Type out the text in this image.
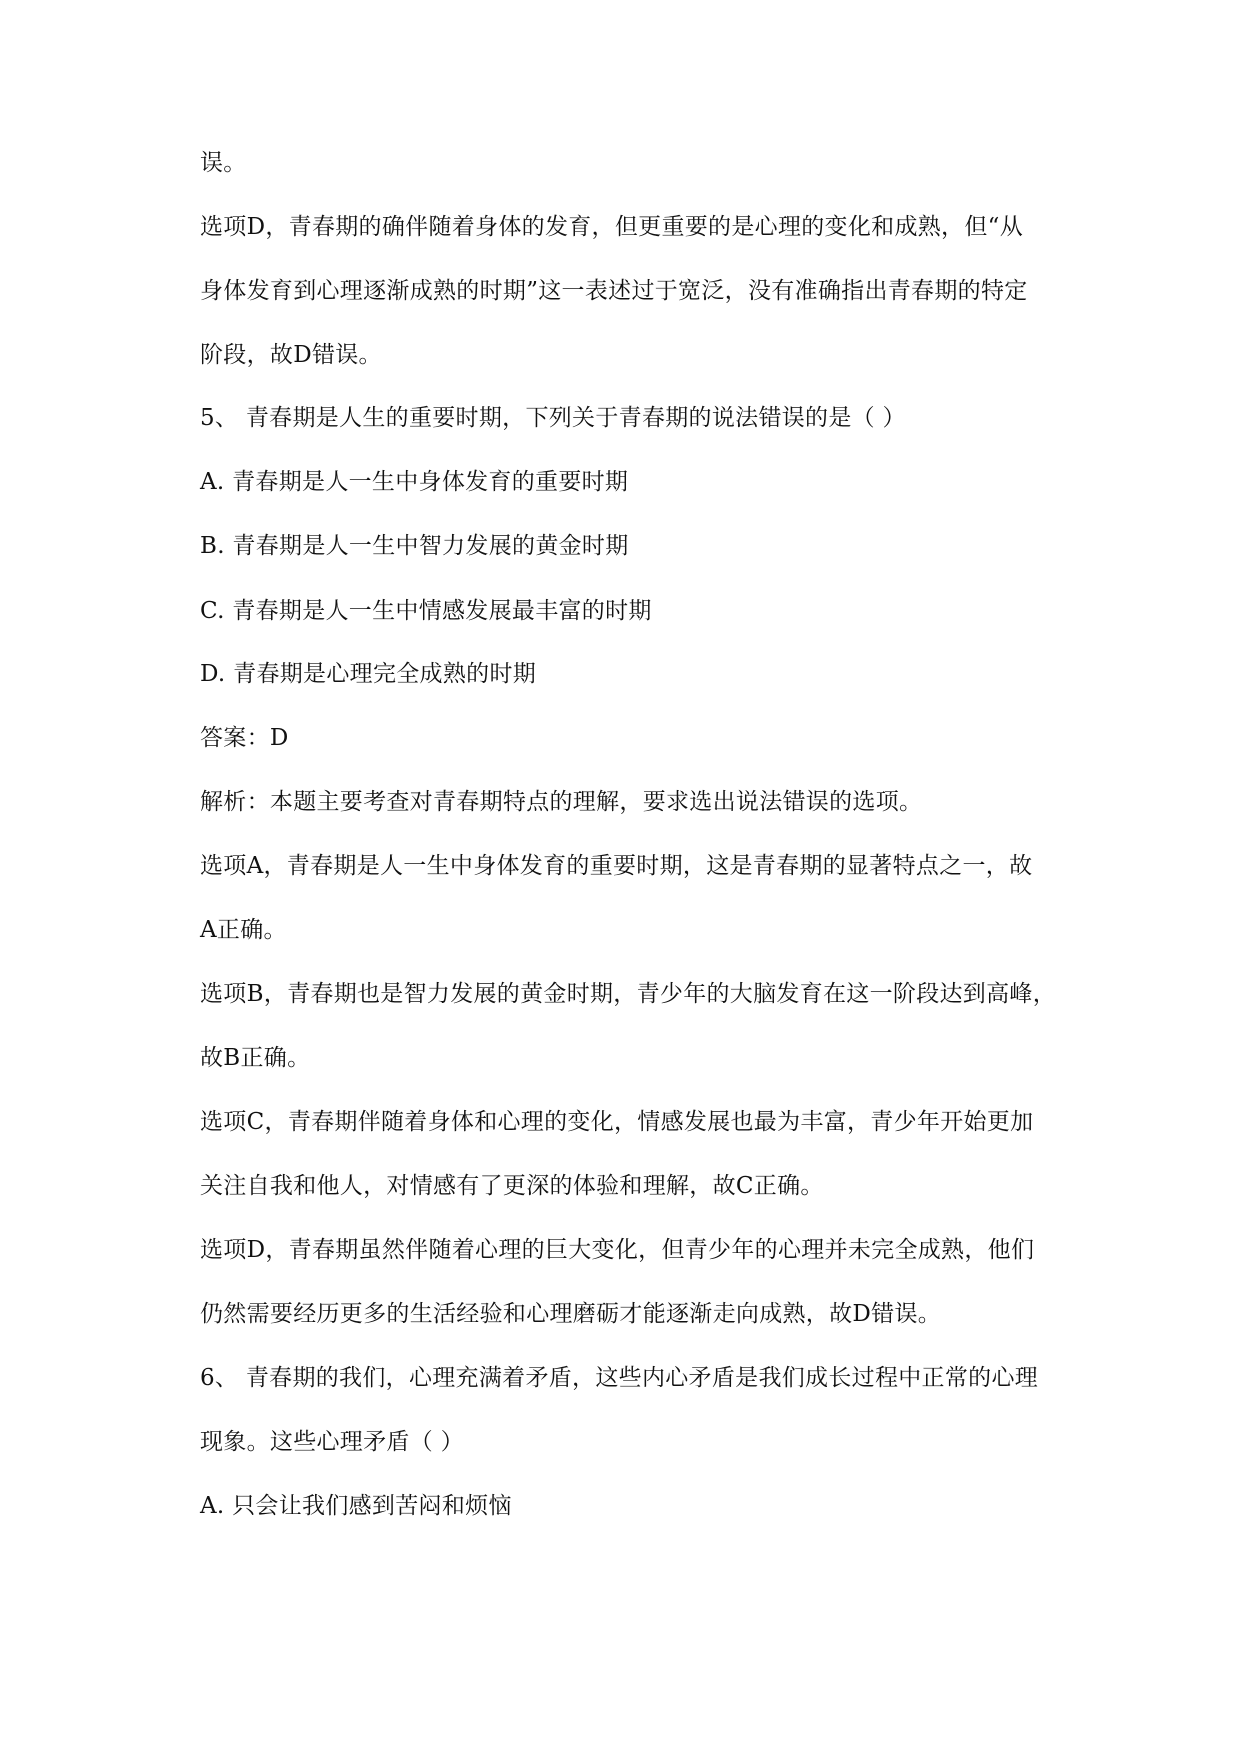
误。
选项D，青春期的确伴随着身体的发育，但更重要的是心理的变化和成熟，但“从
身体发育到心理逐渐成熟的时期”这一表述过于宽泛，没有准确指出青春期的特定
阶段，故D错误。
5、 青春期是人生的重要时期，下列关于青春期的说法错误的是（ ）
A. 青春期是人一生中身体发育的重要时期
B. 青春期是人一生中智力发展的黄金时期
C. 青春期是人一生中情感发展最丰富的时期
D. 青春期是心理完全成熟的时期
答案：D
解析：本题主要考查对青春期特点的理解，要求选出说法错误的选项。
选项A，青春期是人一生中身体发育的重要时期，这是青春期的显著特点之一，故
A正确。
选项B，青春期也是智力发展的黄金时期，青少年的大脑发育在这一阶段达到高峰，
故B正确。
选项C，青春期伴随着身体和心理的变化，情感发展也最为丰富，青少年开始更加
关注自我和他人，对情感有了更深的体验和理解，故C正确。
选项D，青春期虽然伴随着心理的巨大变化，但青少年的心理并未完全成熟，他们
仍然需要经历更多的生活经验和心理磨砺才能逐渐走向成熟，故D错误。
6、 青春期的我们，心理充满着矛盾，这些内心矛盾是我们成长过程中正常的心理
现象。这些心理矛盾（ ）
A. 只会让我们感到苦闷和烦恼
